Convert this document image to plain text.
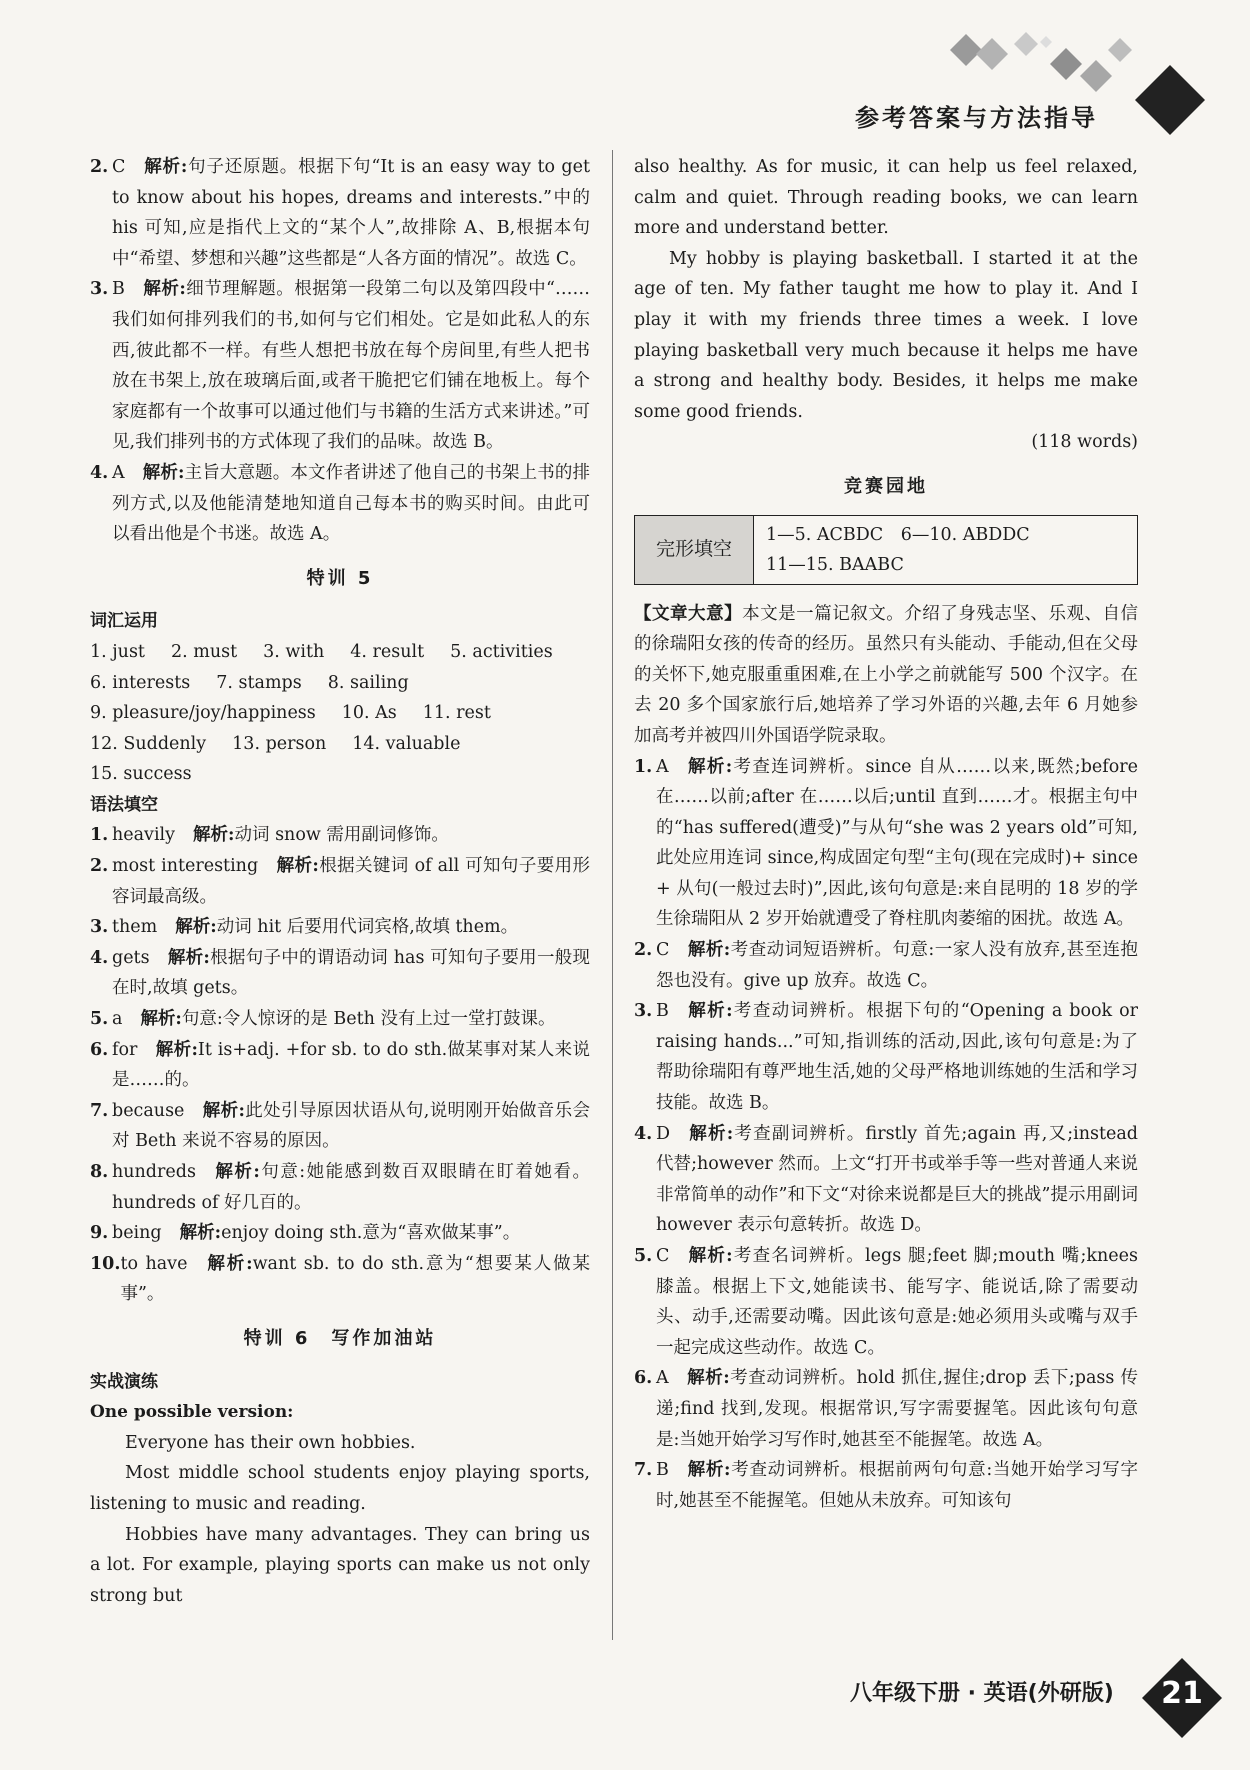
参考答案与方法指导
2. C 解析:句子还原题。根据下句“It is an easy way to get to know about his hopes, dreams and interests.”中的 his 可知,应是指代上文的“某个人”,故排除 A、B,根据本句中“希望、梦想和兴趣”这些都是“人各方面的情况”。故选 C。
3. B 解析:细节理解题。根据第一段第二句以及第四段中“……我们如何排列我们的书,如何与它们相处。它是如此私人的东西,彼此都不一样。有些人想把书放在每个房间里,有些人把书放在书架上,放在玻璃后面,或者干脆把它们铺在地板上。每个家庭都有一个故事可以通过他们与书籍的生活方式来讲述。”可见,我们排列书的方式体现了我们的品味。故选 B。
4. A 解析:主旨大意题。本文作者讲述了他自己的书架上书的排列方式,以及他能清楚地知道自己每本书的购买时间。由此可以看出他是个书迷。故选 A。
特训 5

词汇运用

1. just 2. must 3. with 4. result 5. activities
6. interests 7. stamps 8. sailing
9. pleasure/joy/happiness 10. As 11. rest
12. Suddenly 13. person 14. valuable
15. success

语法填空

1. heavily 解析:动词 snow 需用副词修饰。
2. most interesting 解析:根据关键词 of all 可知句子要用形容词最高级。
3. them 解析:动词 hit 后要用代词宾格,故填 them。
4. gets 解析:根据句子中的谓语动词 has 可知句子要用一般现在时,故填 gets。
5. a 解析:句意:令人惊讶的是 Beth 没有上过一堂打鼓课。
6. for 解析:It is+adj. +for sb. to do sth.做某事对某人来说是……的。
7. because 解析:此处引导原因状语从句,说明刚开始做音乐会对 Beth 来说不容易的原因。
8. hundreds 解析:句意:她能感到数百双眼睛在盯着她看。hundreds of 好几百的。
9. being 解析:enjoy doing sth.意为“喜欢做某事”。
10. to have 解析:want sb. to do sth.意为“想要某人做某事”。
特训 6　写作加油站

实战演练

One possible version:

Everyone has their own hobbies.

Most middle school students enjoy playing sports, listening to music and reading.

Hobbies have many advantages. They can bring us a lot. For example, playing sports can make us not only strong but

also healthy. As for music, it can help us feel relaxed, calm and quiet. Through reading books, we can learn more and understand better.

My hobby is playing basketball. I started it at the age of ten. My father taught me how to play it. And I play it with my friends three times a week. I love playing basketball very much because it helps me have a strong and healthy body. Besides, it helps me make some good friends.

(118 words)

竞赛园地
完形填空
1—5. ACBDC　6—10. ABDDC
11—15. BAABC

【文章大意】本文是一篇记叙文。介绍了身残志坚、乐观、自信的徐瑞阳女孩的传奇的经历。虽然只有头能动、手能动,但在父母的关怀下,她克服重重困难,在上小学之前就能写 500 个汉字。在去 20 多个国家旅行后,她培养了学习外语的兴趣,去年 6 月她参加高考并被四川外国语学院录取。

1. A 解析:考查连词辨析。since 自从……以来,既然;before 在……以前;after 在……以后;until 直到……才。根据主句中的“has suffered(遭受)”与从句“she was 2 years old”可知,此处应用连词 since,构成固定句型“主句(现在完成时)+ since + 从句(一般过去时)”,因此,该句句意是:来自昆明的 18 岁的学生徐瑞阳从 2 岁开始就遭受了脊柱肌肉萎缩的困扰。故选 A。
2. C 解析:考查动词短语辨析。句意:一家人没有放弃,甚至连抱怨也没有。give up 放弃。故选 C。
3. B 解析:考查动词辨析。根据下句的“Opening a book or raising hands...”可知,指训练的活动,因此,该句句意是:为了帮助徐瑞阳有尊严地生活,她的父母严格地训练她的生活和学习技能。故选 B。
4. D 解析:考查副词辨析。firstly 首先;again 再,又;instead 代替;however 然而。上文“打开书或举手等一些对普通人来说非常简单的动作”和下文“对徐来说都是巨大的挑战”提示用副词 however 表示句意转折。故选 D。
5. C 解析:考查名词辨析。legs 腿;feet 脚;mouth 嘴;knees 膝盖。根据上下文,她能读书、能写字、能说话,除了需要动头、动手,还需要动嘴。因此该句意是:她必须用头或嘴与双手一起完成这些动作。故选 C。
6. A 解析:考查动词辨析。hold 抓住,握住;drop 丢下;pass 传递;find 找到,发现。根据常识,写字需要握笔。因此该句句意是:当她开始学习写作时,她甚至不能握笔。故选 A。
7. B 解析:考查动词辨析。根据前两句句意:当她开始学习写字时,她甚至不能握笔。但她从未放弃。可知该句
八年级下册 · 英语(外研版)	21
